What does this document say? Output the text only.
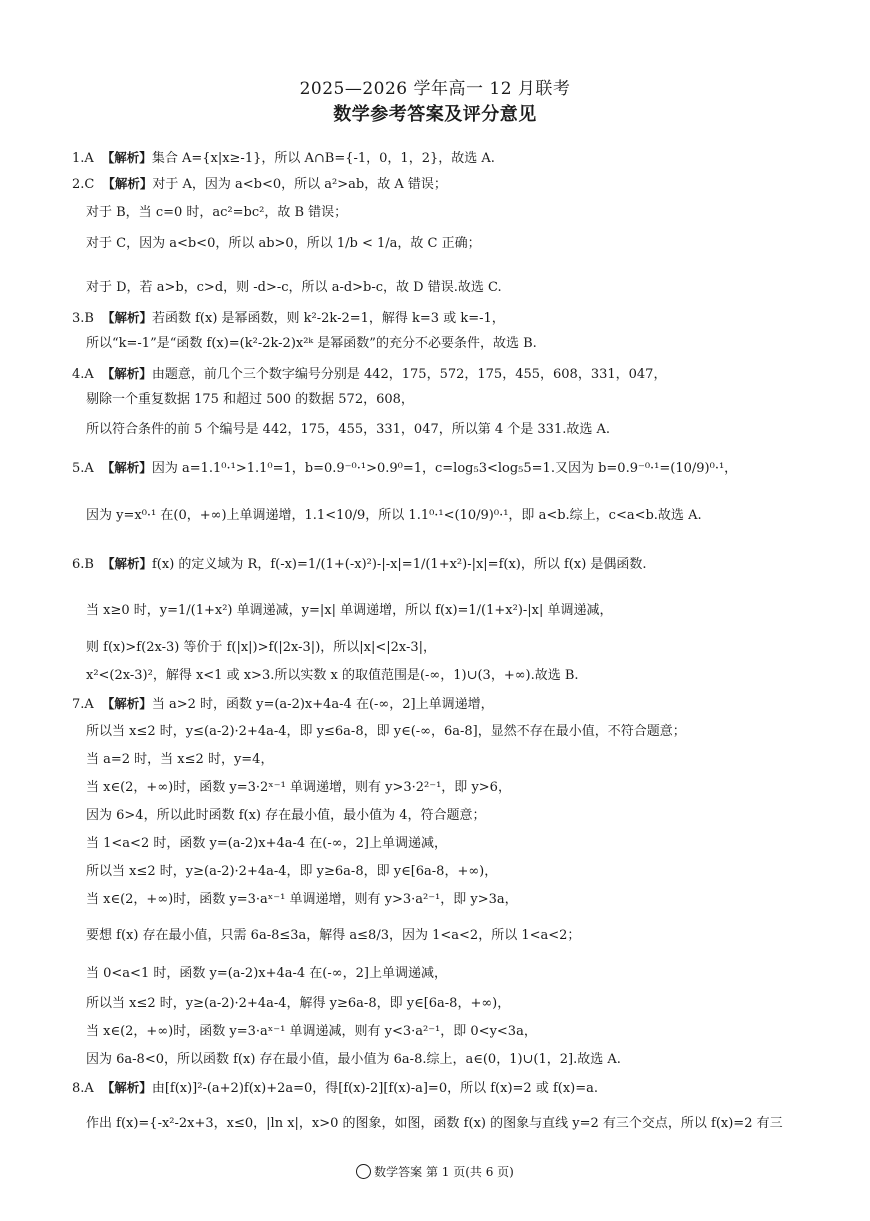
2025—2026 学年高一 12 月联考
数学参考答案及评分意见
1.A 【解析】集合 A={x|x≥-1}，所以 A∩B={-1，0，1，2}，故选 A.
2.C 【解析】对于 A，因为 a<b<0，所以 a²>ab，故 A 错误；
对于 B，当 c=0 时，ac²=bc²，故 B 错误；
对于 C，因为 a<b<0，所以 ab>0，所以 1/b < 1/a，故 C 正确；
对于 D，若 a>b，c>d，则 -d>-c，所以 a-d>b-c，故 D 错误.故选 C.
3.B 【解析】若函数 f(x) 是幂函数，则 k²-2k-2=1，解得 k=3 或 k=-1，
所以“k=-1”是“函数 f(x)=(k²-2k-2)x²ᵏ 是幂函数”的充分不必要条件，故选 B.
4.A 【解析】由题意，前几个三个数字编号分别是 442，175，572，175，455，608，331，047，
剔除一个重复数据 175 和超过 500 的数据 572，608，
所以符合条件的前 5 个编号是 442，175，455，331，047，所以第 4 个是 331.故选 A.
5.A 【解析】因为 a=1.1⁰·¹>1.1⁰=1，b=0.9⁻⁰·¹>0.9⁰=1，c=log₅3<log₅5=1.又因为 b=0.9⁻⁰·¹=(10/9)⁰·¹，
因为 y=x⁰·¹ 在(0，+∞)上单调递增，1.1<10/9，所以 1.1⁰·¹<(10/9)⁰·¹，即 a<b.综上，c<a<b.故选 A.
6.B 【解析】f(x) 的定义域为 R，f(-x)=1/(1+(-x)²)-|-x|=1/(1+x²)-|x|=f(x)，所以 f(x) 是偶函数.
当 x≥0 时，y=1/(1+x²) 单调递减，y=|x| 单调递增，所以 f(x)=1/(1+x²)-|x| 单调递减，
则 f(x)>f(2x-3) 等价于 f(|x|)>f(|2x-3|)，所以|x|<|2x-3|，
x²<(2x-3)²，解得 x<1 或 x>3.所以实数 x 的取值范围是(-∞，1)∪(3，+∞).故选 B.
7.A 【解析】当 a>2 时，函数 y=(a-2)x+4a-4 在(-∞，2]上单调递增，
所以当 x≤2 时，y≤(a-2)·2+4a-4，即 y≤6a-8，即 y∈(-∞，6a-8]，显然不存在最小值，不符合题意；
当 a=2 时，当 x≤2 时，y=4，
当 x∈(2，+∞)时，函数 y=3·2ˣ⁻¹ 单调递增，则有 y>3·2²⁻¹，即 y>6，
因为 6>4，所以此时函数 f(x) 存在最小值，最小值为 4，符合题意；
当 1<a<2 时，函数 y=(a-2)x+4a-4 在(-∞，2]上单调递减，
所以当 x≤2 时，y≥(a-2)·2+4a-4，即 y≥6a-8，即 y∈[6a-8，+∞)，
当 x∈(2，+∞)时，函数 y=3·aˣ⁻¹ 单调递增，则有 y>3·a²⁻¹，即 y>3a，
要想 f(x) 存在最小值，只需 6a-8≤3a，解得 a≤8/3，因为 1<a<2，所以 1<a<2；
当 0<a<1 时，函数 y=(a-2)x+4a-4 在(-∞，2]上单调递减，
所以当 x≤2 时，y≥(a-2)·2+4a-4，解得 y≥6a-8，即 y∈[6a-8，+∞)，
当 x∈(2，+∞)时，函数 y=3·aˣ⁻¹ 单调递减，则有 y<3·a²⁻¹，即 0<y<3a，
因为 6a-8<0，所以函数 f(x) 存在最小值，最小值为 6a-8.综上，a∈(0，1)∪(1，2].故选 A.
8.A 【解析】由[f(x)]²-(a+2)f(x)+2a=0，得[f(x)-2][f(x)-a]=0，所以 f(x)=2 或 f(x)=a.
作出 f(x)={-x²-2x+3，x≤0，|ln x|，x>0 的图象，如图，函数 f(x) 的图象与直线 y=2 有三个交点，所以 f(x)=2 有三
数学答案 第 1 页(共 6 页)
